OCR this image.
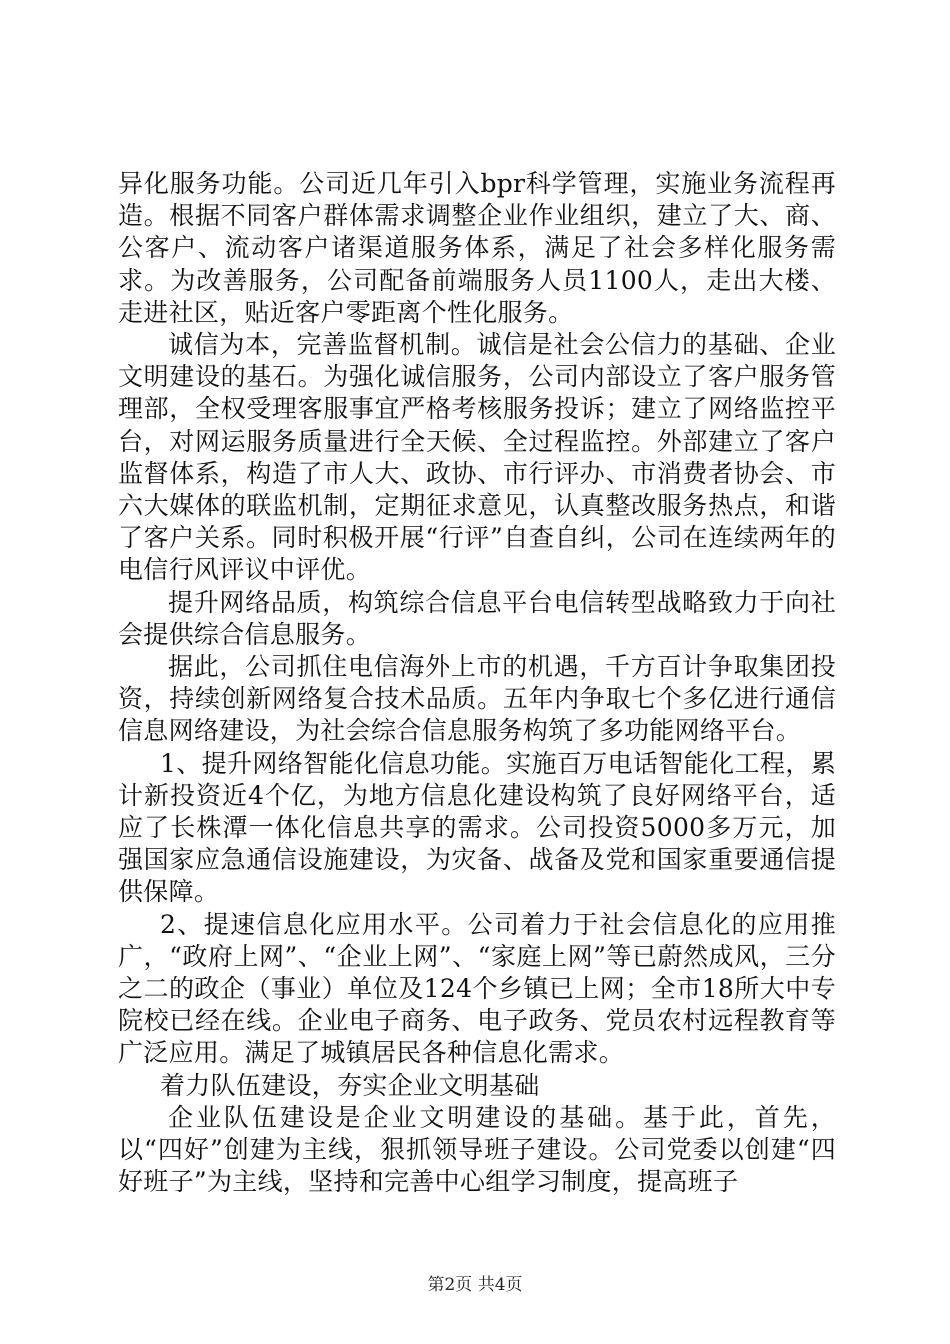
异化服务功能。公司近几年引入bpr科学管理，实施业务流程再造。根据不同客户群体需求调整企业作业组织，建立了大、商、公客户、流动客户诸渠道服务体系，满足了社会多样化服务需求。为改善服务，公司配备前端服务人员1100人，走出大楼、走进社区，贴近客户零距离个性化服务。

诚信为本，完善监督机制。诚信是社会公信力的基础、企业文明建设的基石。为强化诚信服务，公司内部设立了客户服务管理部，全权受理客服事宜严格考核服务投诉；建立了网络监控平台，对网运服务质量进行全天候、全过程监控。外部建立了客户监督体系，构造了市人大、政协、市行评办、市消费者协会、市六大媒体的联监机制，定期征求意见，认真整改服务热点，和谐了客户关系。同时积极开展“行评”自查自纠，公司在连续两年的电信行风评议中评优。

提升网络品质，构筑综合信息平台电信转型战略致力于向社会提供综合信息服务。

据此，公司抓住电信海外上市的机遇，千方百计争取集团投资，持续创新网络复合技术品质。五年内争取七个多亿进行通信信息网络建设，为社会综合信息服务构筑了多功能网络平台。

1、提升网络智能化信息功能。实施百万电话智能化工程，累计新投资近4个亿，为地方信息化建设构筑了良好网络平台，适应了长株潭一体化信息共享的需求。公司投资5000多万元，加强国家应急通信设施建设，为灾备、战备及党和国家重要通信提供保障。

2、提速信息化应用水平。公司着力于社会信息化的应用推广，“政府上网”、“企业上网”、“家庭上网”等已蔚然成风，三分之二的政企（事业）单位及124个乡镇已上网；全市18所大中专院校已经在线。企业电子商务、电子政务、党员农村远程教育等广泛应用。满足了城镇居民各种信息化需求。

着力队伍建设，夯实企业文明基础

企业队伍建设是企业文明建设的基础。基于此，首先，以“四好”创建为主线，狠抓领导班子建设。公司党委以创建“四好班子”为主线，坚持和完善中心组学习制度，提高班子

第2页 共4页
